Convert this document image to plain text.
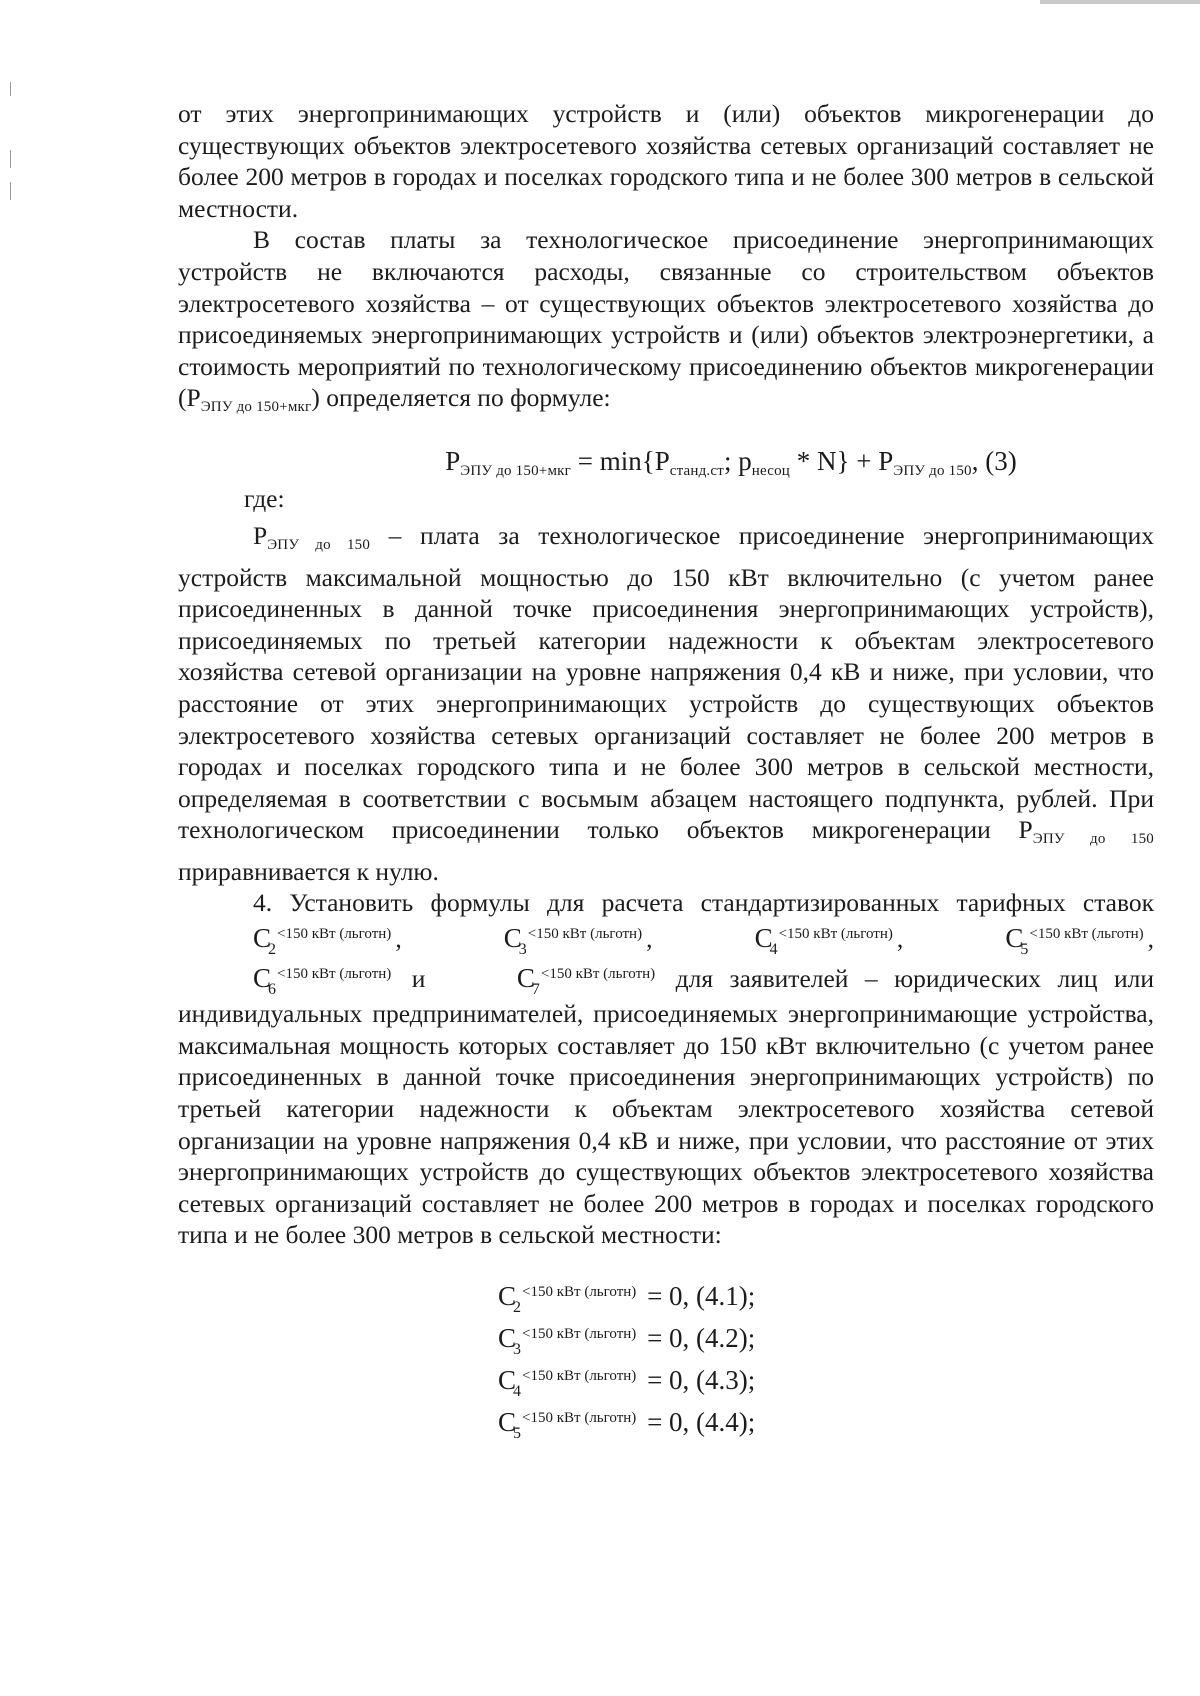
от этих энергопринимающих устройств и (или) объектов микрогенерации до существующих объектов электросетевого хозяйства сетевых организаций составляет не более 200 метров в городах и поселках городского типа и не более 300 метров в сельской местности.

В состав платы за технологическое присоединение энергопринимающих устройств не включаются расходы, связанные со строительством объектов электросетевого хозяйства – от существующих объектов электросетевого хозяйства до присоединяемых энергопринимающих устройств и (или) объектов электроэнергетики, а стоимость мероприятий по технологическому присоединению объектов микрогенерации $(P_{ЭПУ до 150+мкг})$ определяется по формуле:

$P_{ЭПУ до 150+мкг} = \min\{P_{станд.ст}$; $p_{несоц} * N\} + P_{ЭПУ до 150}$, (3)
где:

$P_{ЭПУ до 150}$ – плата за технологическое присоединение энергопринимающих устройств максимальной мощностью до 150 кВт включительно (с учетом ранее присоединенных в данной точке присоединения энергопринимающих устройств), присоединяемых по третьей категории надежности к объектам электросетевого хозяйства сетевой организации на уровне напряжения 0,4 кВ и ниже, при условии, что расстояние от этих энергопринимающих устройств до существующих объектов электросетевого хозяйства сетевых организаций составляет не более 200 метров в городах и поселках городского типа и не более 300 метров в сельской местности, определяемая в соответствии с восьмым абзацем настоящего подпункта, рублей. При технологическом присоединении только объектов микрогенерации $P_{ЭПУ до 150}$ приравнивается к нулю.

4. Установить формулы для расчета стандартизированных тарифных ставок $C_2^{<150 кВт (льготн)}$ ,	$C_3^{<150 кВт (льготн)}$ ,	$C_4^{<150 кВт (льготн)}$ ,	$C_5^{<150 кВт (льготн)}$ , $C_6^{<150 кВт (льготн)}$ и	$C_7^{<150 кВт (льготн)}$ для заявителей – юридических лиц или индивидуальных предпринимателей, присоединяемых энергопринимающие устройства, максимальная мощность которых составляет до 150 кВт включительно (с учетом ранее присоединенных в данной точке присоединения энергопринимающих устройств) по третьей категории надежности к объектам электросетевого хозяйства сетевой организации на уровне напряжения 0,4 кВ и ниже, при условии, что расстояние от этих энергопринимающих устройств до существующих объектов электросетевого хозяйства сетевых организаций составляет не более 200 метров в городах и поселках городского типа и не более 300 метров в сельской местности:

$C_2^{<150 кВт (льготн)} = 0$, (4.1);
$C_3^{<150 кВт (льготн)} = 0$, (4.2);
$C_4^{<150 кВт (льготн)} = 0$, (4.3);
$C_5^{<150 кВт (льготн)} = 0$, (4.4);
